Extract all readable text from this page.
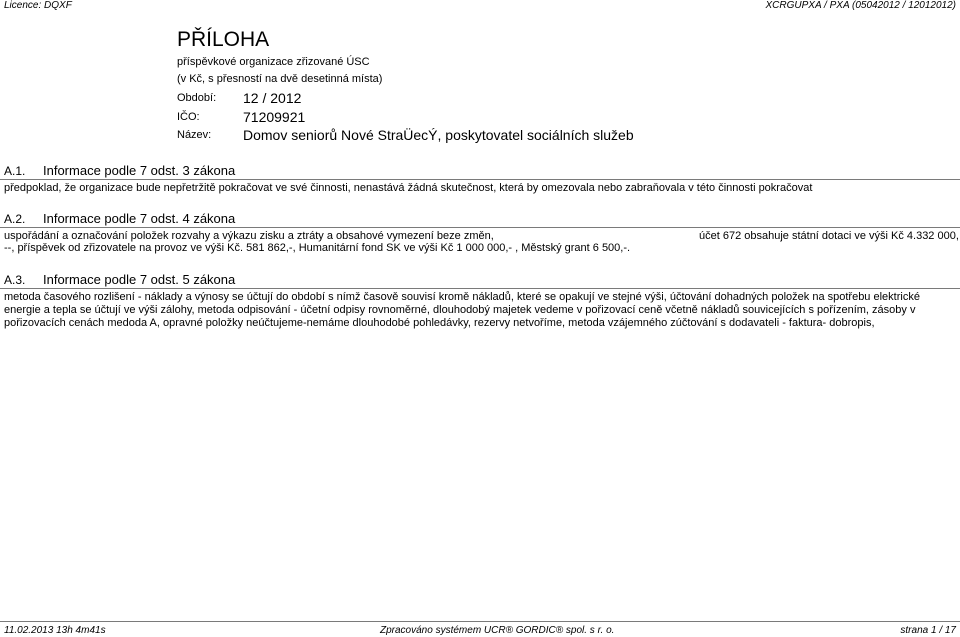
Licence: DQXF	XCRGUPXA / PXA (05042012 / 12012012)
PŘÍLOHA
příspěvkové organizace zřizované ÚSC
(v Kč, s přesností na dvě desetinná místa)
Období: 12 / 2012
IČO:	71209921
Název: Domov seniorů Nové StraÜecÝ, poskytovatel sociálních služeb
A.1. Informace podle 7 odst. 3 zákona
předpoklad, že organizace bude nepřetržitě pokračovat ve své činnosti, nenastává žádná skutečnost, která by omezovala nebo zabraňovala v této činnosti pokračovat
A.2. Informace podle 7 odst. 4 zákona
uspořádání a označování položek rozvahy a výkazu zisku a ztráty a obsahové vymezení beze změn,	účet 672 obsahuje státní dotaci ve výši Kč 4.332 000,
--, příspěvek od zřizovatele na provoz ve výši Kč. 581 862,-, Humanitární fond SK ve výši Kč 1 000 000,- , Městský grant 6 500,-.
A.3. Informace podle 7 odst. 5 zákona
metoda časového rozlišení - náklady a výnosy se účtují do období s nímž časově souvisí kromě nákladů, které se opakují ve stejné výši, účtování dohadných položek na spotřebu elektrické energie a tepla se účtují ve výši zálohy, metoda odpisování - účetní odpisy rovnoměrné, dlouhodobý majetek vedeme v pořizovací ceně včetně nákladů souvicejících s pořízením, zásoby v pořizovacích cenách medoda A, opravné položky neúčtujeme-nemáme dlouhodobé pohledávky, rezervy netvoříme, metoda vzájemného zúčtování s dodavateli - faktura- dobropis,
11.02.2013 13h 4m41s	Zpracováno systémem UCR® GORDIC® spol. s r. o.	strana 1 / 17
